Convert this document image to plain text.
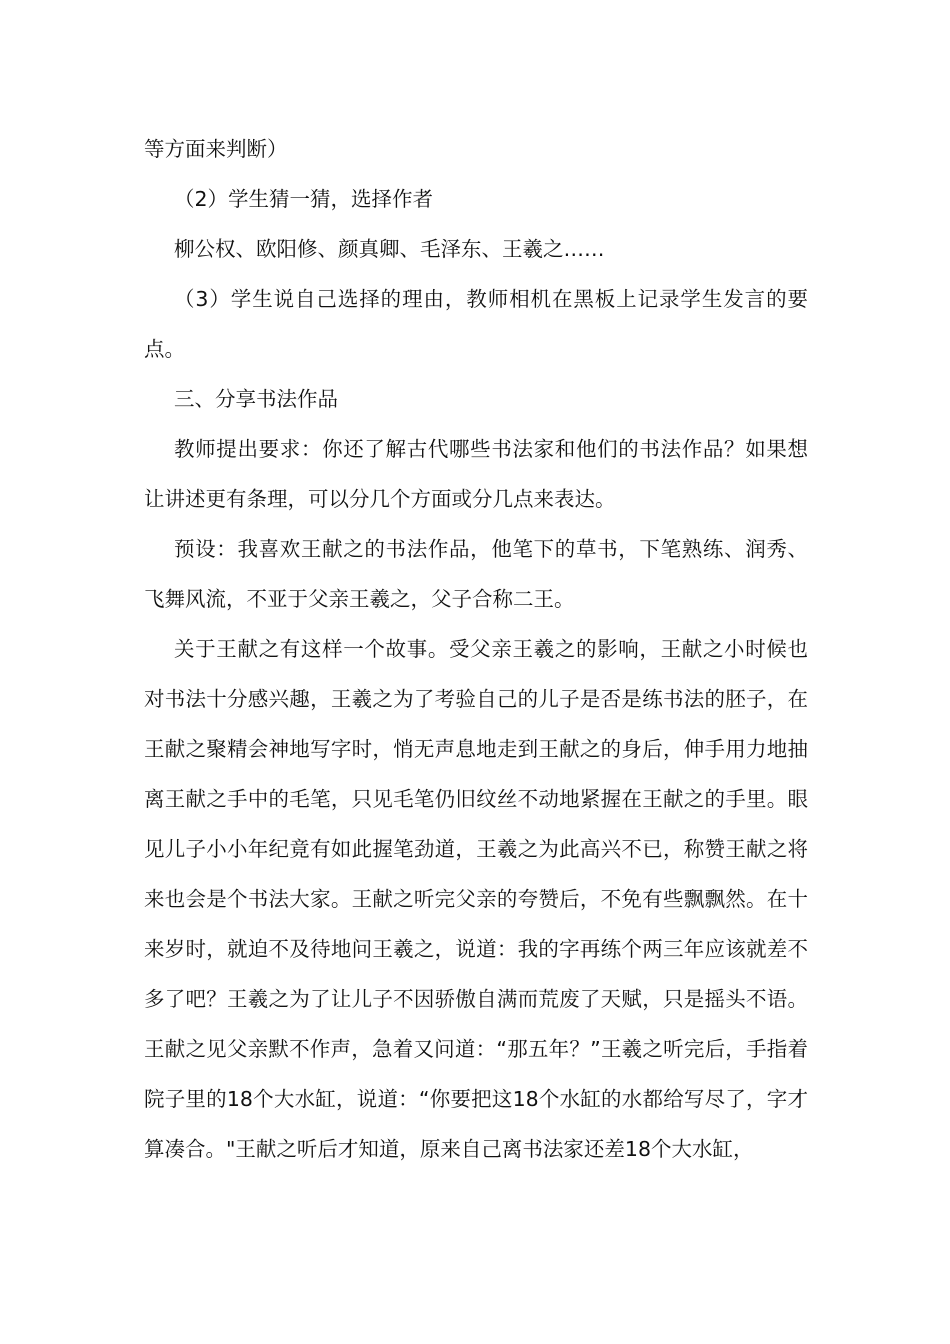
等方面来判断）

（2）学生猜一猜，选择作者

柳公权、欧阳修、颜真卿、毛泽东、王羲之……

（3）学生说自己选择的理由，教师相机在黑板上记录学生发言的要点。

三、分享书法作品

教师提出要求：你还了解古代哪些书法家和他们的书法作品？如果想让讲述更有条理，可以分几个方面或分几点来表达。

预设：我喜欢王献之的书法作品，他笔下的草书，下笔熟练、润秀、飞舞风流，不亚于父亲王羲之，父子合称二王。

关于王献之有这样一个故事。受父亲王羲之的影响，王献之小时候也对书法十分感兴趣，王羲之为了考验自己的儿子是否是练书法的胚子，在王献之聚精会神地写字时，悄无声息地走到王献之的身后，伸手用力地抽离王献之手中的毛笔，只见毛笔仍旧纹丝不动地紧握在王献之的手里。眼见儿子小小年纪竟有如此握笔劲道，王羲之为此高兴不已，称赞王献之将来也会是个书法大家。王献之听完父亲的夸赞后，不免有些飘飘然。在十来岁时，就迫不及待地问王羲之，说道：我的字再练个两三年应该就差不多了吧？王羲之为了让儿子不因骄傲自满而荒废了天赋，只是摇头不语。王献之见父亲默不作声，急着又问道：“那五年？”王羲之听完后，手指着院子里的18个大水缸，说道：“你要把这18个水缸的水都给写尽了，字才算凑合。"王献之听后才知道，原来自己离书法家还差18个大水缸，
